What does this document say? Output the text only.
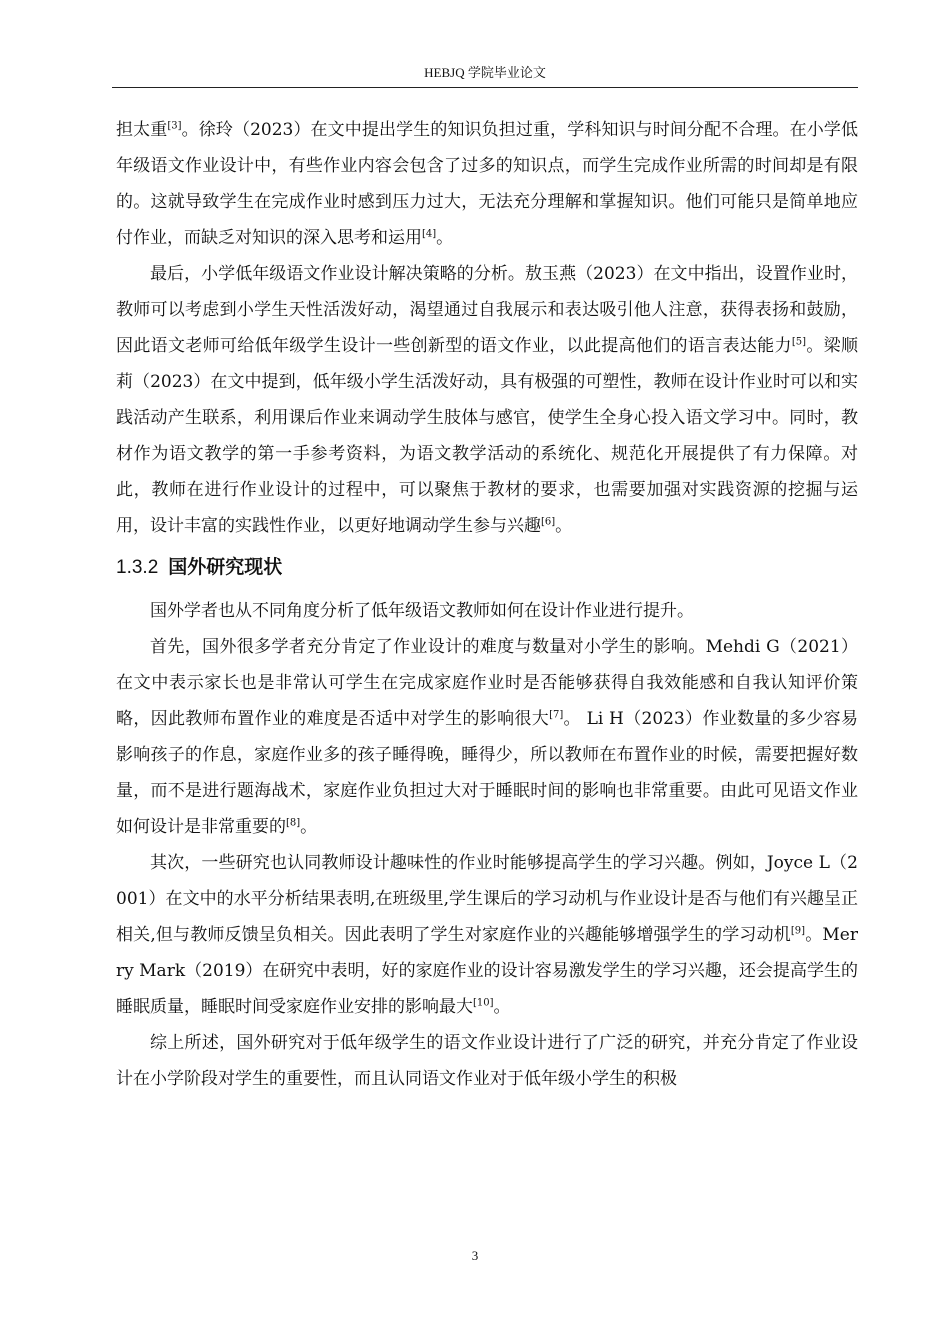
HEBJQ 学院毕业论文

担太重[3]。徐玲（2023）在文中提出学生的知识负担过重，学科知识与时间分配不合理。在小学低年级语文作业设计中，有些作业内容会包含了过多的知识点，而学生完成作业所需的时间却是有限的。这就导致学生在完成作业时感到压力过大，无法充分理解和掌握知识。他们可能只是简单地应付作业，而缺乏对知识的深入思考和运用[4]。

最后，小学低年级语文作业设计解决策略的分析。敖玉燕（2023）在文中指出，设置作业时，教师可以考虑到小学生天性活泼好动，渴望通过自我展示和表达吸引他人注意，获得表扬和鼓励，因此语文老师可给低年级学生设计一些创新型的语文作业，以此提高他们的语言表达能力[5]。梁顺莉（2023）在文中提到，低年级小学生活泼好动，具有极强的可塑性，教师在设计作业时可以和实践活动产生联系，利用课后作业来调动学生肢体与感官，使学生全身心投入语文学习中。同时，教材作为语文教学的第一手参考资料，为语文教学活动的系统化、规范化开展提供了有力保障。对此，教师在进行作业设计的过程中，可以聚焦于教材的要求，也需要加强对实践资源的挖掘与运用，设计丰富的实践性作业，以更好地调动学生参与兴趣[6]。

1.3.2 国外研究现状

国外学者也从不同角度分析了低年级语文教师如何在设计作业进行提升。

首先，国外很多学者充分肯定了作业设计的难度与数量对小学生的影响。Mehdi G（2021）在文中表示家长也是非常认可学生在完成家庭作业时是否能够获得自我效能感和自我认知评价策略，因此教师布置作业的难度是否适中对学生的影响很大[7]。 Li H（2023）作业数量的多少容易影响孩子的作息，家庭作业多的孩子睡得晚，睡得少，所以教师在布置作业的时候，需要把握好数量，而不是进行题海战术，家庭作业负担过大对于睡眠时间的影响也非常重要。由此可见语文作业如何设计是非常重要的[8]。

其次，一些研究也认同教师设计趣味性的作业时能够提高学生的学习兴趣。例如，Joyce L（2001）在文中的水平分析结果表明,在班级里,学生课后的学习动机与作业设计是否与他们有兴趣呈正相关,但与教师反馈呈负相关。因此表明了学生对家庭作业的兴趣能够增强学生的学习动机[9]。Merry Mark（2019）在研究中表明，好的家庭作业的设计容易激发学生的学习兴趣，还会提高学生的睡眠质量，睡眠时间受家庭作业安排的影响最大[10]。

综上所述，国外研究对于低年级学生的语文作业设计进行了广泛的研究，并充分肯定了作业设计在小学阶段对学生的重要性，而且认同语文作业对于低年级小学生的积极

3
